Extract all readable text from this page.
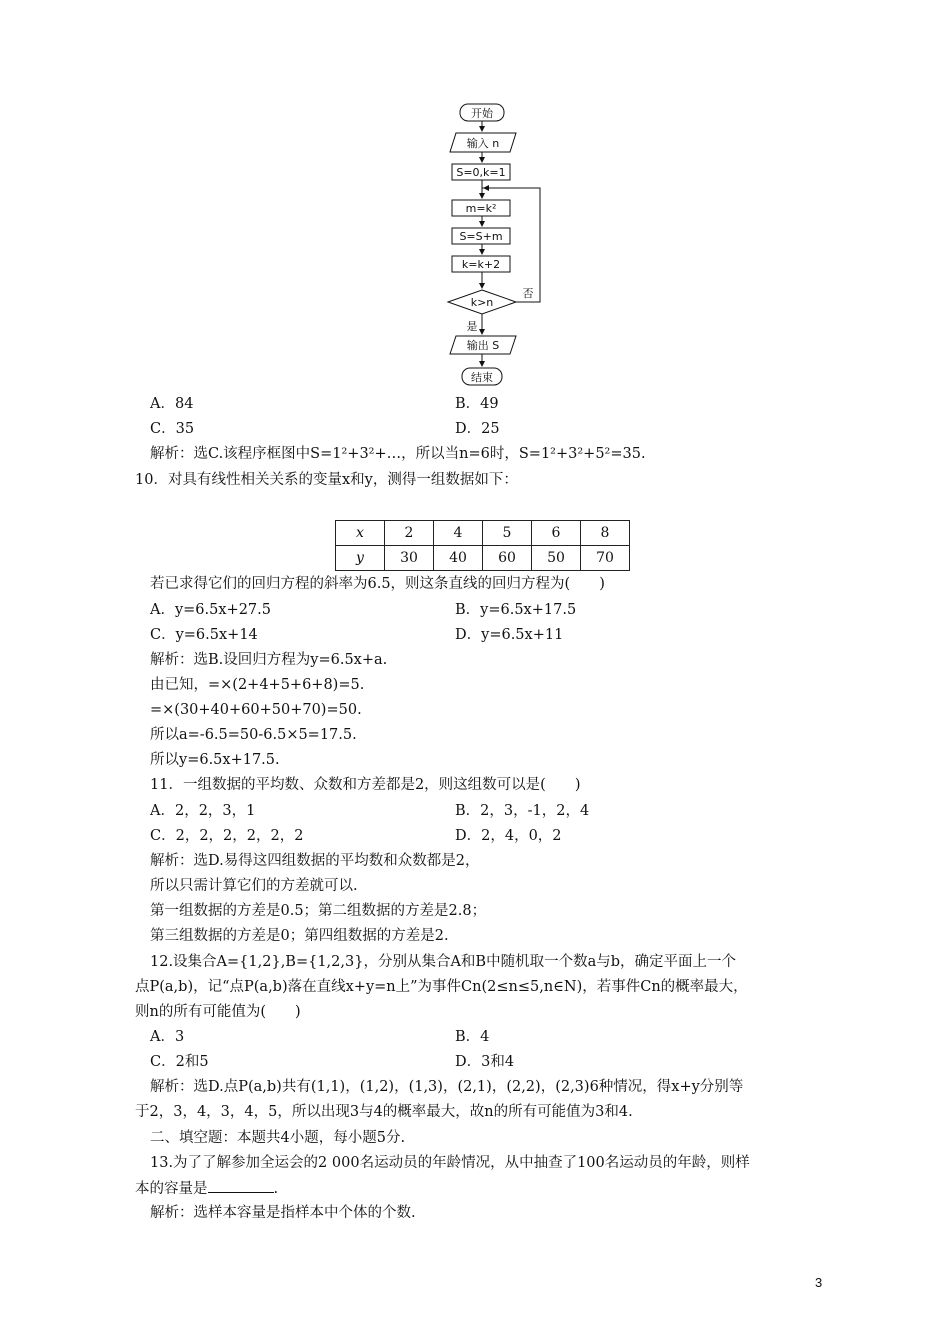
开始
输入 n
S=0,k=1
m=k²
S=S+m
k=k+2
k>n
否
是
输出 S
结束
A．84	B．49
C．35	D．25
解析：选C.该程序框图中S=1²+3²+…，所以当n=6时，S=1²+3²+5²=35.
10．对具有线性相关关系的变量x和y，测得一组数据如下：
x	2	4	5	6	8
y	30	40	60	50	70
若已求得它们的回归方程的斜率为6.5，则这条直线的回归方程为(　　)
A．y=6.5x+27.5	B．y=6.5x+17.5
C．y=6.5x+14	D．y=6.5x+11
解析：选B.设回归方程为y=6.5x+a.
由已知，=×(2+4+5+6+8)=5.
=×(30+40+60+50+70)=50.
所以a=-6.5=50-6.5×5=17.5.
所以y=6.5x+17.5.
11．一组数据的平均数、众数和方差都是2，则这组数可以是(　　)
A．2，2，3，1	B．2，3，-1，2，4
C．2，2，2，2，2，2	D．2，4，0，2
解析：选D.易得这四组数据的平均数和众数都是2，
所以只需计算它们的方差就可以.
第一组数据的方差是0.5；第二组数据的方差是2.8；
第三组数据的方差是0；第四组数据的方差是2.
12.设集合A={1,2},B={1,2,3}，分别从集合A和B中随机取一个数a与b，确定平面上一个
点P(a,b)，记“点P(a,b)落在直线x+y=n上”为事件Cn(2≤n≤5,n∈N)，若事件Cn的概率最大，
则n的所有可能值为(　　)
A．3	B．4
C．2和5	D．3和4
解析：选D.点P(a,b)共有(1,1)，(1,2)，(1,3)，(2,1)，(2,2)，(2,3)6种情况，得x+y分别等
于2，3，4，3，4，5，所以出现3与4的概率最大，故n的所有可能值为3和4.
二、填空题：本题共4小题，每小题5分.
13.为了了解参加全运会的2 000名运动员的年龄情况，从中抽查了100名运动员的年龄，则样
本的容量是	.
解析：选样本容量是指样本中个体的个数.
3
